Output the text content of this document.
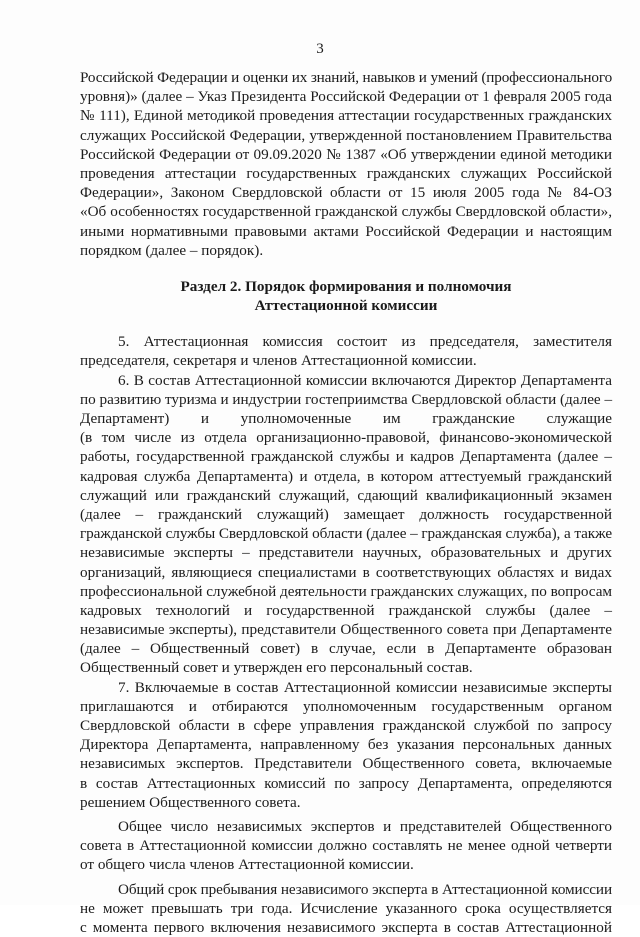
3
Российской Федерации и оценки их знаний, навыков и умений (профессионального
уровня)» (далее – Указ Президента Российской Федерации от 1 февраля 2005 года
№ 111), Единой методикой проведения аттестации государственных гражданских
служащих Российской Федерации, утвержденной постановлением Правительства
Российской Федерации от 09.09.2020 № 1387 «Об утверждении единой методики
проведения аттестации государственных гражданских служащих Российской
Федерации», Законом Свердловской области от 15 июля 2005 года № 84-ОЗ
«Об особенностях государственной гражданской службы Свердловской области»,
иными нормативными правовыми актами Российской Федерации и настоящим
порядком (далее – порядок).
Раздел 2. Порядок формирования и полномочия
Аттестационной комиссии
5. Аттестационная комиссия состоит из председателя, заместителя
председателя, секретаря и членов Аттестационной комиссии.
6. В состав Аттестационной комиссии включаются Директор Департамента
по развитию туризма и индустрии гостеприимства Свердловской области (далее –
Департамент) и уполномоченные им гражданские служащие
(в том числе из отдела организационно-правовой, финансово-экономической
работы, государственной гражданской службы и кадров Департамента (далее –
кадровая служба Департамента) и отдела, в котором аттестуемый гражданский
служащий или гражданский служащий, сдающий квалификационный экзамен
(далее – гражданский служащий) замещает должность государственной
гражданской службы Свердловской области (далее – гражданская служба), а также
независимые эксперты – представители научных, образовательных и других
организаций, являющиеся специалистами в соответствующих областях и видах
профессиональной служебной деятельности гражданских служащих, по вопросам
кадровых технологий и государственной гражданской службы (далее –
независимые эксперты), представители Общественного совета при Департаменте
(далее – Общественный совет) в случае, если в Департаменте образован
Общественный совет и утвержден его персональный состав.
7. Включаемые в состав Аттестационной комиссии независимые эксперты
приглашаются и отбираются уполномоченным государственным органом
Свердловской области в сфере управления гражданской службой по запросу
Директора Департамента, направленному без указания персональных данных
независимых экспертов. Представители Общественного совета, включаемые
в состав Аттестационных комиссий по запросу Департамента, определяются
решением Общественного совета.
Общее число независимых экспертов и представителей Общественного
совета в Аттестационной комиссии должно составлять не менее одной четверти
от общего числа членов Аттестационной комиссии.
Общий срок пребывания независимого эксперта в Аттестационной комиссии
не может превышать три года. Исчисление указанного срока осуществляется
с момента первого включения независимого эксперта в состав Аттестационной
